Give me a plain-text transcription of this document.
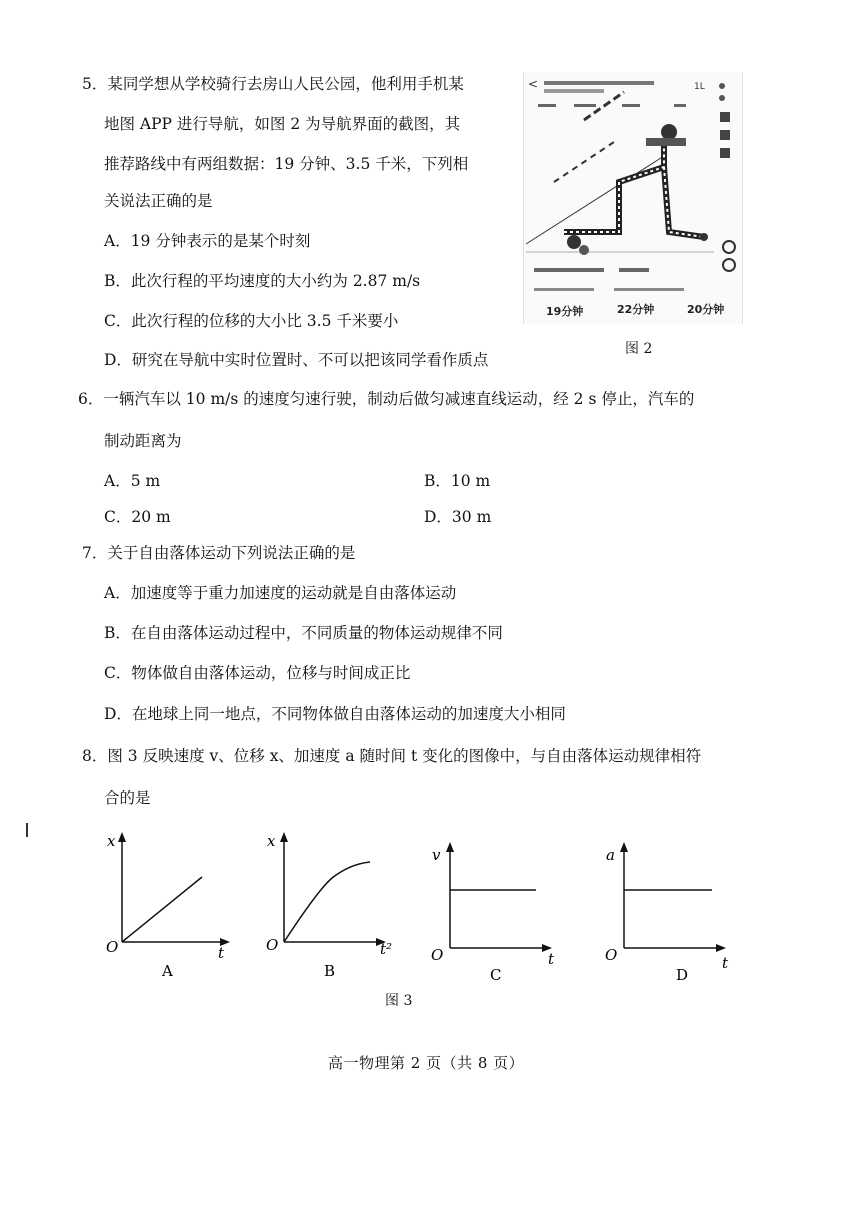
5．某同学想从学校骑行去房山人民公园，他利用手机某
地图 APP 进行导航，如图 2 为导航界面的截图，其
推荐路线中有两组数据：19 分钟、3.5 千米，下列相
关说法正确的是
A．19 分钟表示的是某个时刻
B．此次行程的平均速度的大小约为 2.87 m/s
C．此次行程的位移的大小比 3.5 千米要小
D．研究在导航中实时位置时、不可以把该同学看作质点
<	1L
19分钟	22分钟	20分钟
图 2
6．一辆汽车以 10 m/s 的速度匀速行驶，制动后做匀减速直线运动，经 2 s 停止，汽车的
制动距离为
A．5 m	B．10 m
C．20 m	D．30 m
7．关于自由落体运动下列说法正确的是
A．加速度等于重力加速度的运动就是自由落体运动
B．在自由落体运动过程中，不同质量的物体运动规律不同
C．物体做自由落体运动，位移与时间成正比
D．在地球上同一地点，不同物体做自由落体运动的加速度大小相同
8．图 3 反映速度 v、位移 x、加速度 a 随时间 t 变化的图像中，与自由落体运动规律相符
合的是
x
O	t
A
x
O	t²
B
v
O	t
C
a
O	t
D
图 3
高一物理第 2 页（共 8 页）
